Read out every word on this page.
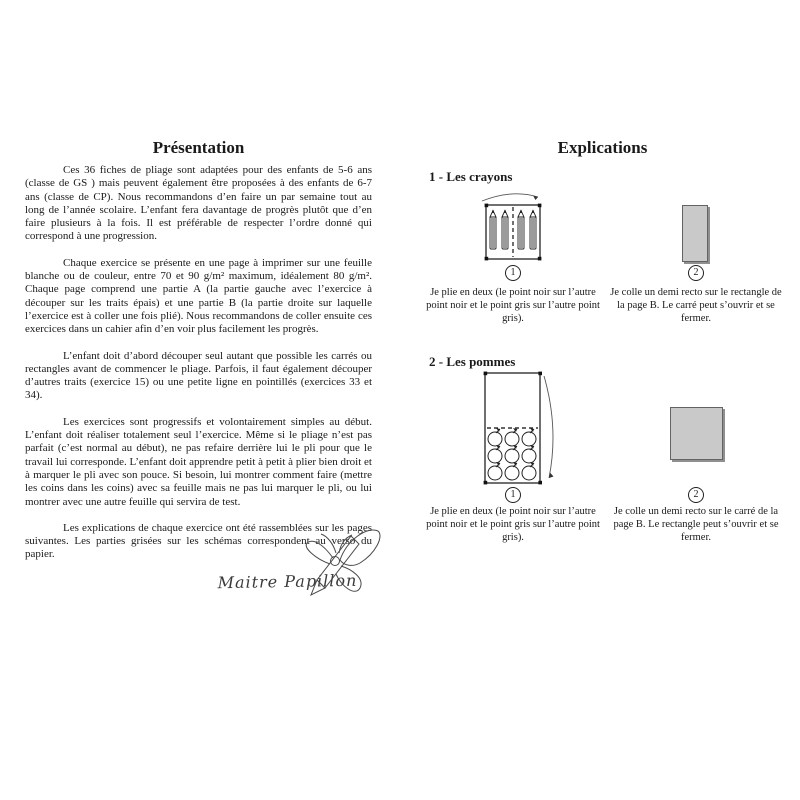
Présentation

Ces 36 fiches de pliage sont adaptées pour des enfants de 5-6 ans (classe de GS ) mais peuvent également être proposées à des enfants de 6-7 ans (classe de CP). Nous recommandons d’en faire un par semaine tout au long de l’année scolaire. L’enfant fera davantage de progrès plutôt que d’en faire plusieurs à la fois. Il est préférable de respecter l’ordre donné qui correspond à une progression.

Chaque exercice se présente en une page à imprimer sur une feuille blanche ou de couleur, entre 70 et 90 g/m² maximum, idéalement 80 g/m². Chaque page comprend une partie A (la partie gauche avec l’exercice à découper sur les traits épais) et une partie B (la partie droite sur laquelle l’exercice est à coller une fois plié). Nous recommandons de coller ensuite ces exercices dans un cahier afin d’en voir plus facilement les progrès.

L’enfant doit d’abord découper seul autant que possible les carrés ou rectangles avant de commencer le pliage. Parfois, il faut également découper d’autres traits (exercice 15) ou une petite ligne en pointillés (exercices 33 et 34).

Les exercices sont progressifs et volontairement simples au début. L’enfant doit réaliser totalement seul l’exercice. Même si le pliage n’est pas parfait (c’est normal au début), ne pas refaire derrière lui le pli pour que le travail lui corresponde. L’enfant doit apprendre petit à petit à plier bien droit et à marquer le pli avec son pouce. Si besoin, lui montrer comment faire (mettre les coins dans les coins) avec sa feuille mais ne pas lui marquer le pli, ou lui montrer avec une autre feuille qui servira de test.

Les explications de chaque exercice ont été rassemblées sur les pages suivantes. Les parties grisées sur les schémas correspondent au verso du papier.

Maitre Papillon
Explications
1 - Les crayons
1	2
Je plie en deux (le point noir sur l’autre point noir et le point gris sur l’autre point gris).
Je colle un demi recto sur le rectangle de la page B. Le carré peut s’ouvrir et se fermer.
2 - Les pommes
1	2
Je plie en deux (le point noir sur l’autre point noir et le point gris sur l’autre point gris).
Je colle un demi recto sur le carré de la page B. Le rectangle peut s’ouvrir et se fermer.
